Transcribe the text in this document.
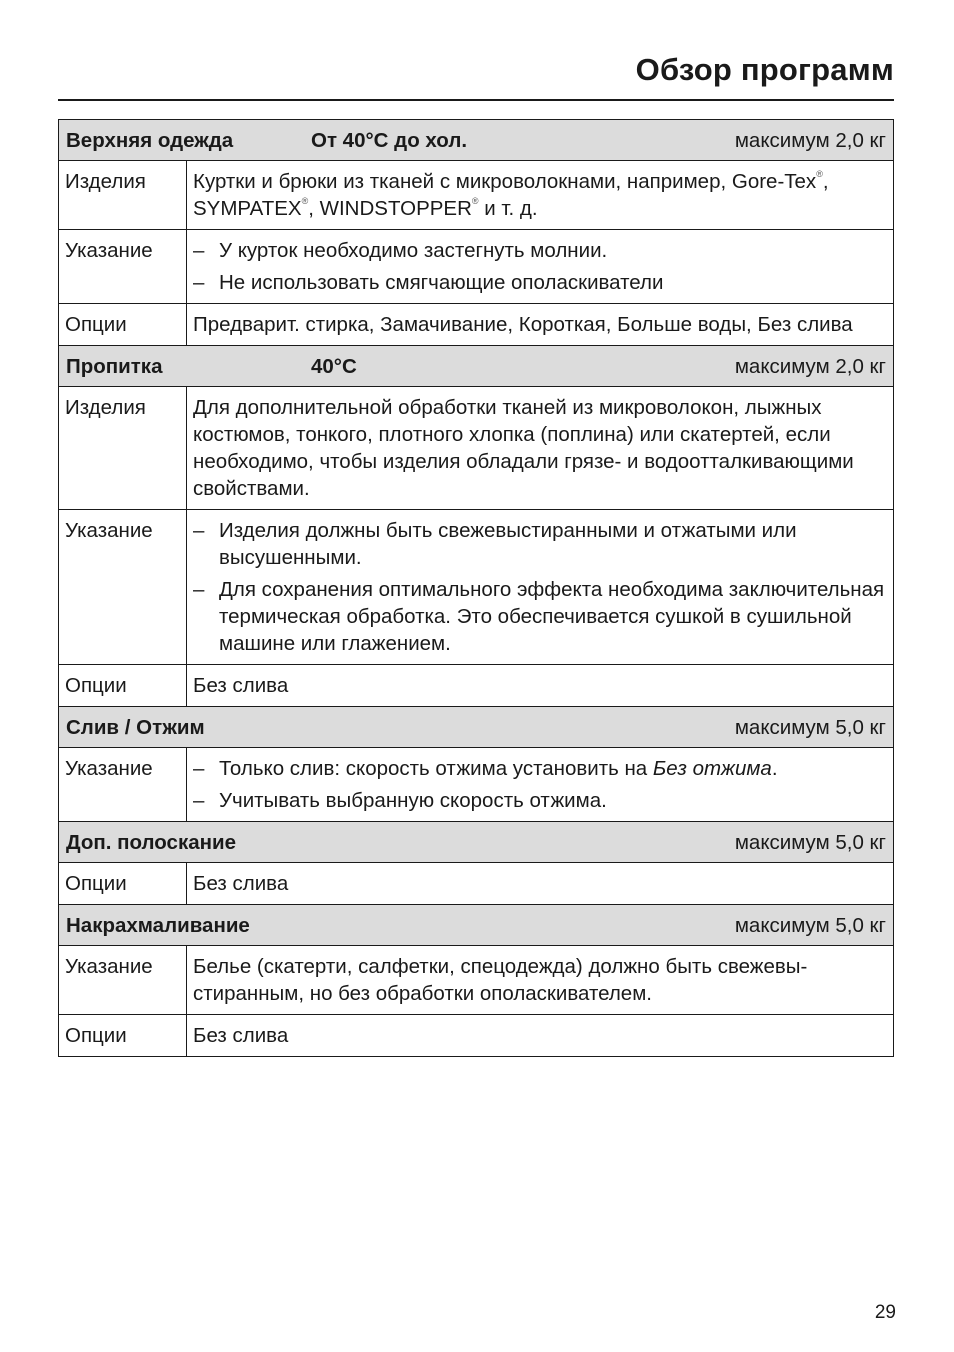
Обзор программ
Верхняя одежда От 40°C до хол. максимум 2,0 кг	

Изделия	Куртки и брюки из тканей с микроволокнами, например, Gore-Tex®, SYMPATEX®, WINDSTOPPER® и т. д.
Указание	– У курток необходимо застегнуть молнии.
– Не использовать смягчающие ополаскиватели

Опции	Предварит. стирка, Замачивание, Короткая, Больше воды, Без слива
Пропитка 40°C максимум 2,0 кг	

Изделия	Для дополнительной обработки тканей из микроволокон, лыжных костюмов, тонкого, плотного хлопка (поплина) или скатертей, если необходимо, чтобы изделия обладали грязе- и водоотталкивающими свойствами.
Указание	– Изделия должны быть свежевыстиранными и отжатыми или высушенными.
– Для сохранения оптимального эффекта необходима заключительная термическая обработка. Это обеспечивается сушкой в сушильной машине или глажением.

Опции	Без слива
Слив / Отжим максимум 5,0 кг	

Указание	– Только слив: скорость отжима установить на Без отжима.
– Учитывать выбранную скорость отжима.

Доп. полоскание максимум 5,0 кг	

Опции	Без слива
Накрахмаливание максимум 5,0 кг	

Указание	Белье (скатерти, салфетки, спецодежда) должно быть свежевы-стиранным, но без обработки ополаскивателем.
Опции	Без слива
29
